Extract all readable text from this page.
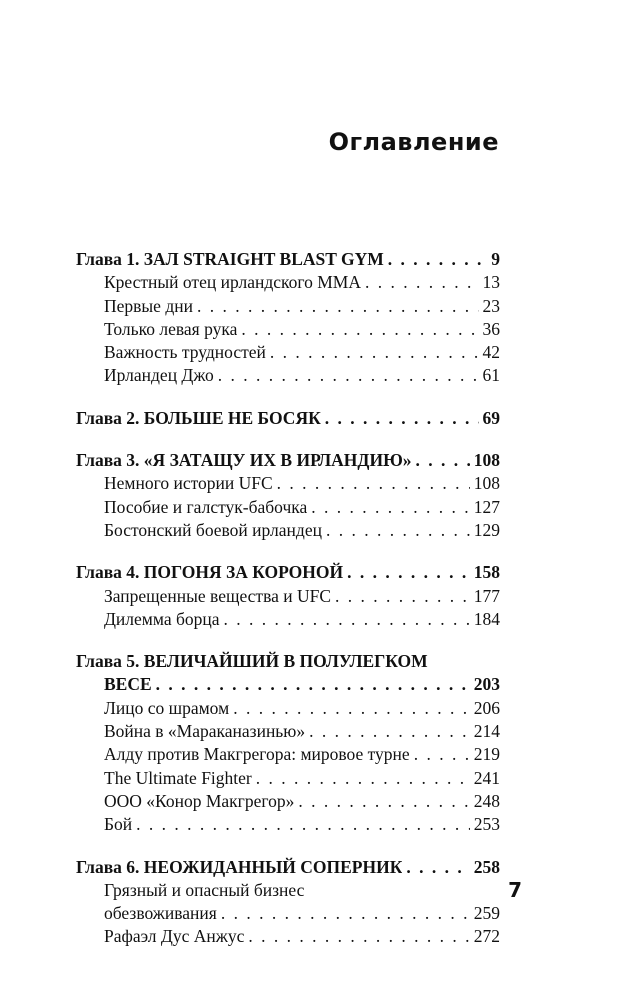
Оглавление
Глава 1. ЗАЛ STRAIGHT BLAST GYM . . .	9
Крестный отец ирландского ММА . . .	13
Первые дни . . .	23
Только левая рука . . .	36
Важность трудностей . . .	42
Ирландец Джо . . .	61
Глава 2. БОЛЬШЕ НЕ БОСЯК . . .	69
Глава 3. «Я ЗАТАЩУ ИХ В ИРЛАНДИЮ» . . .	108
Немного истории UFC . . .	108
Пособие и галстук-бабочка . . .	127
Бостонский боевой ирландец . . .	129
Глава 4. ПОГОНЯ ЗА КОРОНОЙ . . .	158
Запрещенные вещества и UFC . . .	177
Дилемма борца . . .	184
Глава 5. ВЕЛИЧАЙШИЙ В ПОЛУЛЕГКОМ
ВЕСЕ . . .	203
Лицо со шрамом . . .	206
Война в «Мараканазинью» . . .	214
Алду против Макгрегора: мировое турне . . .	219
The Ultimate Fighter . . .	241
ООО «Конор Макгрегор» . . .	248
Бой . . .	253
Глава 6. НЕОЖИДАННЫЙ СОПЕРНИК . . .	258
Грязный и опасный бизнес
обезвоживания . . .	259
Рафаэл Дус Анжус . . .	272
7
